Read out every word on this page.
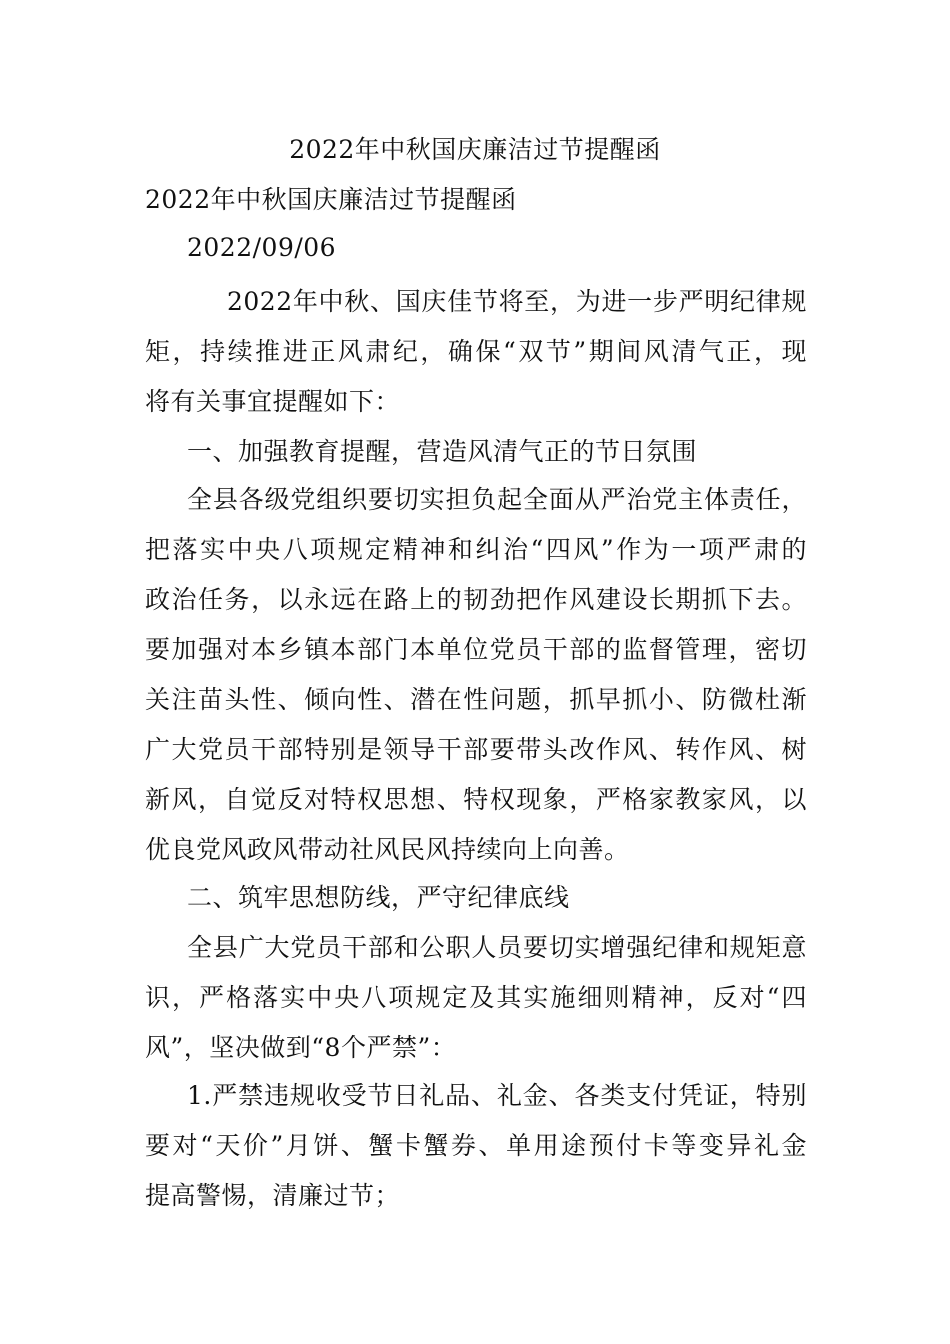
2022年中秋国庆廉洁过节提醒函
2022年中秋国庆廉洁过节提醒函
2022/09/06
2022年中秋、国庆佳节将至，为进一步严明纪律规
矩，持续推进正风肃纪，确保“双节”期间风清气正，现
将有关事宜提醒如下：
一、加强教育提醒，营造风清气正的节日氛围
全县各级党组织要切实担负起全面从严治党主体责任，
把落实中央八项规定精神和纠治“四风”作为一项严肃的
政治任务，以永远在路上的韧劲把作风建设长期抓下去。
要加强对本乡镇本部门本单位党员干部的监督管理，密切
关注苗头性、倾向性、潜在性问题，抓早抓小、防微杜渐
广大党员干部特别是领导干部要带头改作风、转作风、树
新风，自觉反对特权思想、特权现象，严格家教家风，以
优良党风政风带动社风民风持续向上向善。
二、筑牢思想防线，严守纪律底线
全县广大党员干部和公职人员要切实增强纪律和规矩意
识，严格落实中央八项规定及其实施细则精神，反对“四
风”，坚决做到“8个严禁”：
1.严禁违规收受节日礼品、礼金、各类支付凭证，特别
要对“天价”月饼、蟹卡蟹券、单用途预付卡等变异礼金
提高警惕，清廉过节；
